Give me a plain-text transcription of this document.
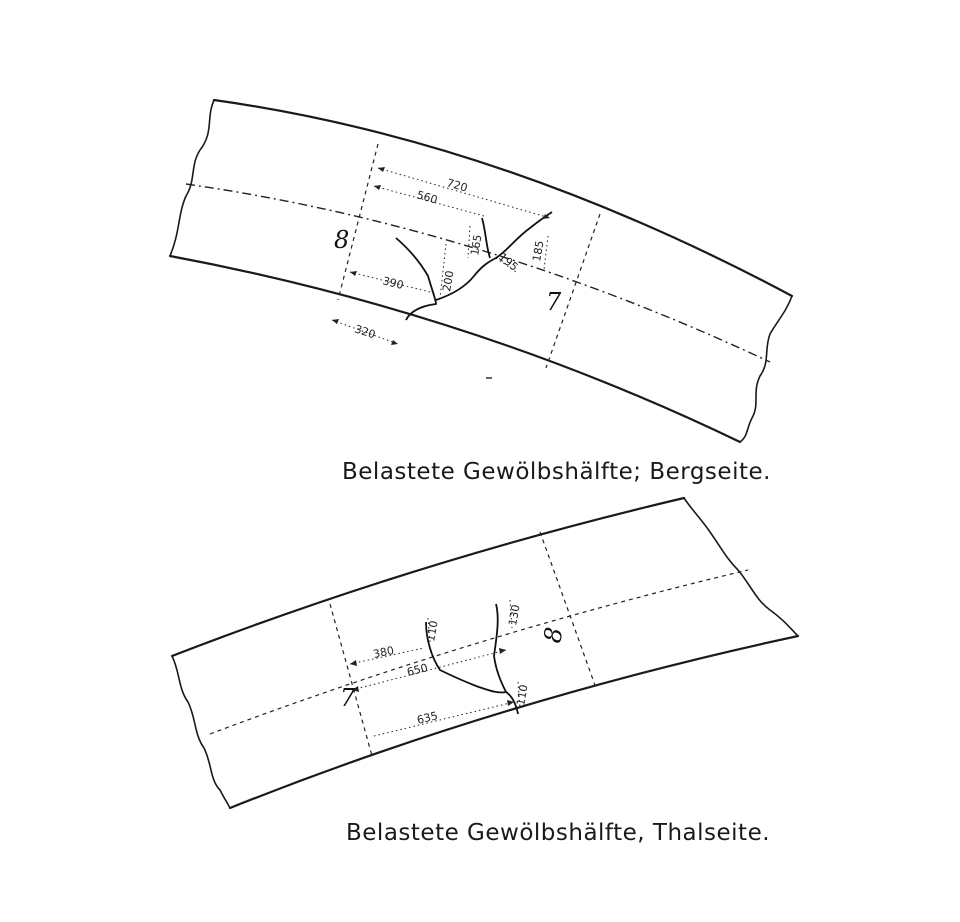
720
560
165	185
195
200
390
320
8
7
Belastete Gewölbshälfte; Bergseite.
380
650
635
110
130
110
7
8
Belastete Gewölbshälfte, Thalseite.
